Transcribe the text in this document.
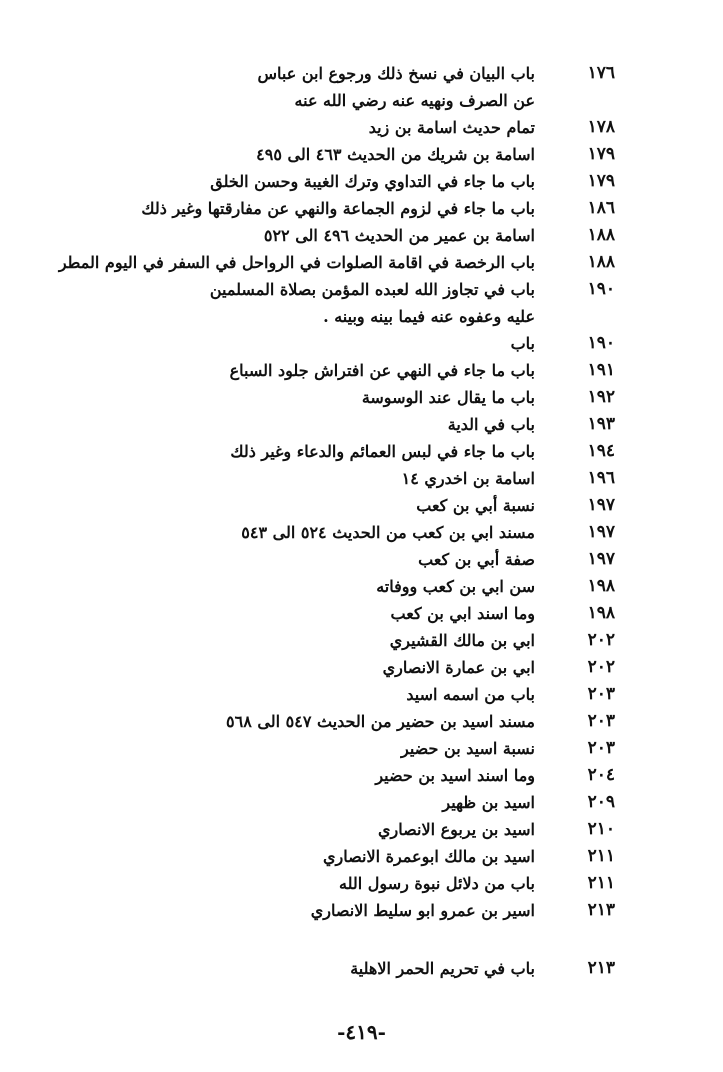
١٧٦
باب البيان في نسخ ذلك ورجوع ابن عباس
عن الصرف ونهيه عنه رضي الله عنه
١٧٨
تمام حديث اسامة بن زيد
١٧٩
اسامة بن شريك من الحديث ٤٦٣ الى ٤٩٥
١٧٩
باب ما جاء في التداوي وترك الغيبة وحسن الخلق
١٨٦
باب ما جاء في لزوم الجماعة والنهي عن مفارقتها وغير ذلك
١٨٨
اسامة بن عمير من الحديث ٤٩٦ الى ٥٢٢
١٨٨
باب الرخصة في اقامة الصلوات في الرواحل في السفر في اليوم المطر
١٩٠
باب في تجاوز الله لعبده المؤمن بصلاة المسلمين
عليه وعفوه عنه فيما بينه وبينه .
١٩٠
باب
١٩١
باب ما جاء في النهي عن افتراش جلود السباع
١٩٢
باب ما يقال عند الوسوسة
١٩٣
باب في الدية
١٩٤
باب ما جاء في لبس العمائم والدعاء وغير ذلك
١٩٦
اسامة بن اخدري ١٤
١٩٧
نسبة أبي بن كعب
١٩٧
مسند ابي بن كعب من الحديث ٥٢٤ الى ٥٤٣
١٩٧
صفة أبي بن كعب
١٩٨
سن ابي بن كعب ووفاته
١٩٨
وما اسند ابي بن كعب
٢٠٢
ابي بن مالك القشيري
٢٠٢
ابي بن عمارة الانصاري
٢٠٣
باب من اسمه اسيد
٢٠٣
مسند اسيد بن حضير من الحديث ٥٤٧ الى ٥٦٨
٢٠٣
نسبة اسيد بن حضير
٢٠٤
وما اسند اسيد بن حضير
٢٠٩
اسيد بن ظهير
٢١٠
اسيد بن يربوع الانصاري
٢١١
اسيد بن مالك ابوعمرة الانصاري
٢١١
باب من دلائل نبوة رسول الله
٢١٣
اسير بن عمرو ابو سليط الانصاري
٢١٣
باب في تحريم الحمر الاهلية
-٤١٩-
